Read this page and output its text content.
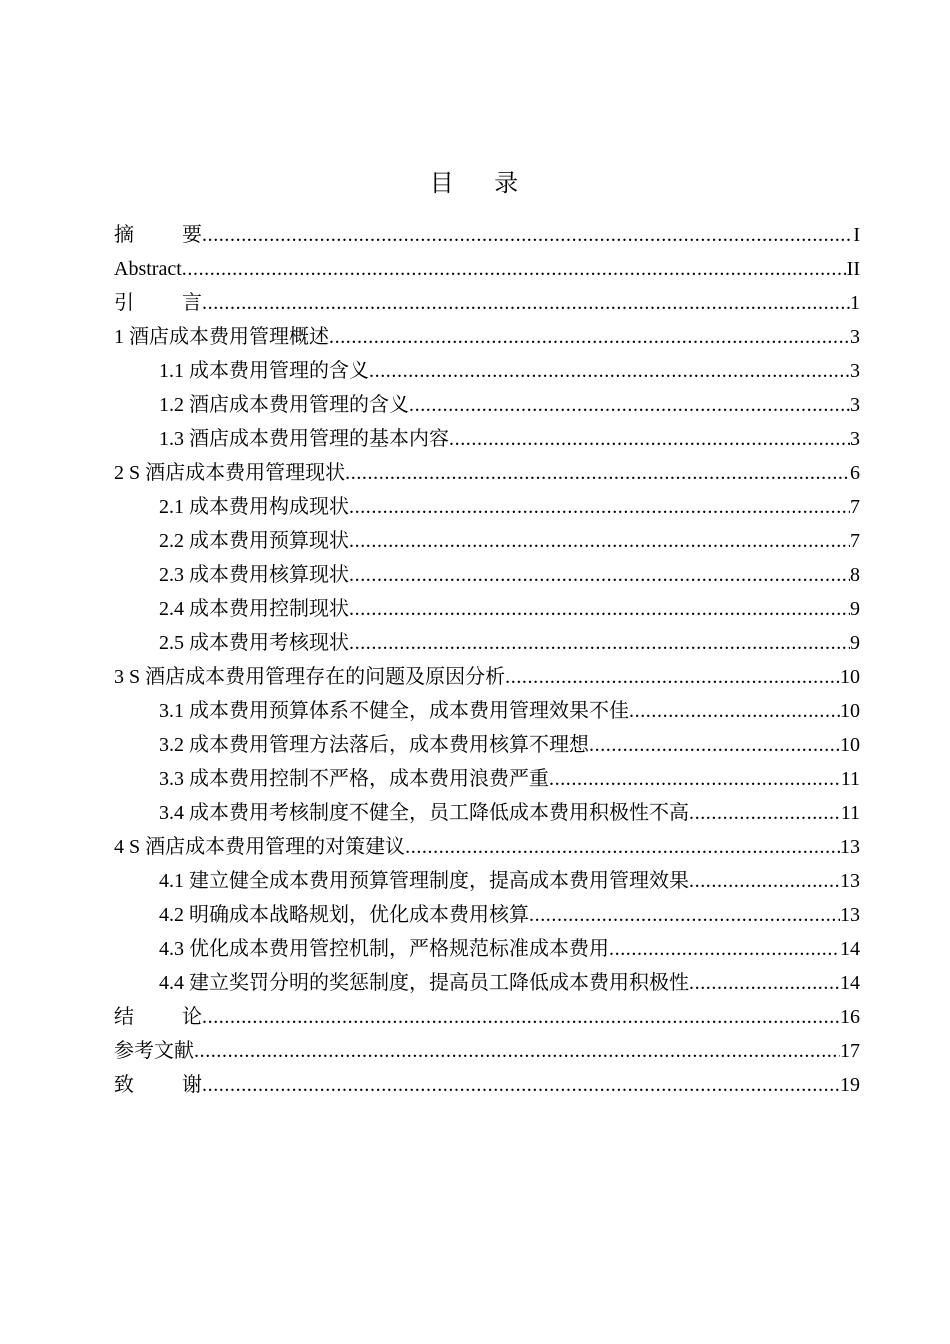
目    录
摘 要 .....	I
Abstract .....	II
引 言 .....	1
1 酒店成本费用管理概述 .....	3
1.1 成本费用管理的含义 .....	3
1.2 酒店成本费用管理的含义 .....	3
1.3 酒店成本费用管理的基本内容 .....	3
2 S 酒店成本费用管理现状 .....	6
2.1 成本费用构成现状 .....	7
2.2 成本费用预算现状 .....	7
2.3 成本费用核算现状 .....	8
2.4 成本费用控制现状 .....	9
2.5 成本费用考核现状 .....	9
3 S 酒店成本费用管理存在的问题及原因分析 .....	10
3.1 成本费用预算体系不健全，成本费用管理效果不佳 .....	10
3.2 成本费用管理方法落后，成本费用核算不理想 .....	10
3.3 成本费用控制不严格，成本费用浪费严重 .....	11
3.4 成本费用考核制度不健全，员工降低成本费用积极性不高 .....	11
4 S 酒店成本费用管理的对策建议 .....	13
4.1 建立健全成本费用预算管理制度，提高成本费用管理效果 .....	13
4.2 明确成本战略规划，优化成本费用核算 .....	13
4.3 优化成本费用管控机制，严格规范标准成本费用 .....	14
4.4 建立奖罚分明的奖惩制度，提高员工降低成本费用积极性 .....	14
结 论 .....	16
参考文献 .....	17
致 谢 .....	19
